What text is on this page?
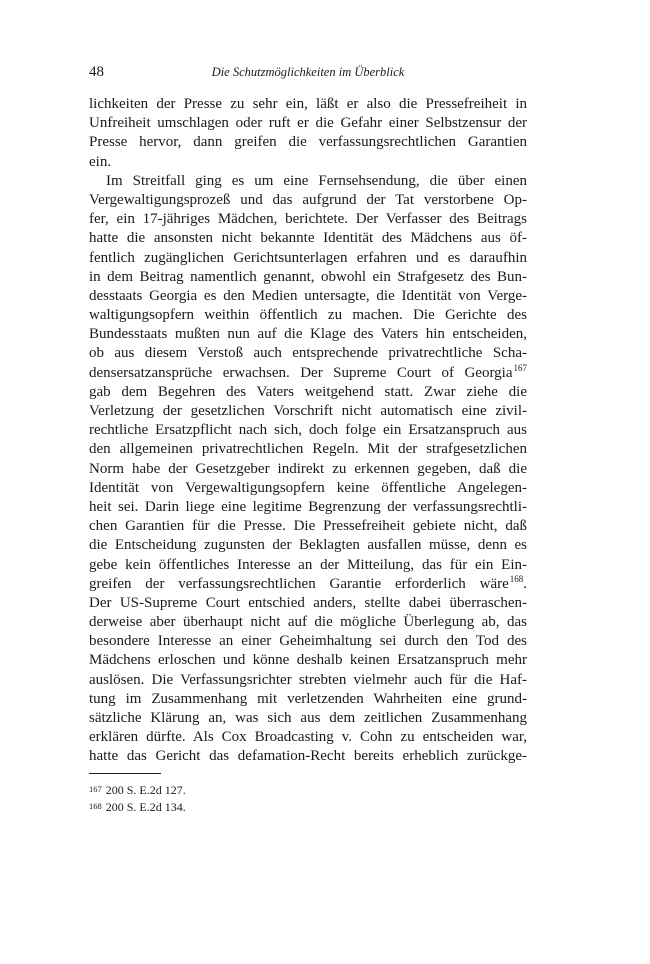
48	Die Schutzmöglichkeiten im Überblick
lichkeiten der Presse zu sehr ein, läßt er also die Pressefreiheit in
Unfreiheit umschlagen oder ruft er die Gefahr einer Selbstzensur der
Presse hervor, dann greifen die verfassungsrechtlichen Garantien
ein.
Im Streitfall ging es um eine Fernsehsendung, die über einen
Vergewaltigungsprozeß und das aufgrund der Tat verstorbene Op-
fer, ein 17-jähriges Mädchen, berichtete. Der Verfasser des Beitrags
hatte die ansonsten nicht bekannte Identität des Mädchens aus öf-
fentlich zugänglichen Gerichtsunterlagen erfahren und es daraufhin
in dem Beitrag namentlich genannt, obwohl ein Strafgesetz des Bun-
desstaats Georgia es den Medien untersagte, die Identität von Verge-
waltigungsopfern weithin öffentlich zu machen. Die Gerichte des
Bundesstaats mußten nun auf die Klage des Vaters hin entscheiden,
ob aus diesem Verstoß auch entsprechende privatrechtliche Scha-
densersatzansprüche erwachsen. Der Supreme Court of Georgia$^{167}$
gab dem Begehren des Vaters weitgehend statt. Zwar ziehe die
Verletzung der gesetzlichen Vorschrift nicht automatisch eine zivil-
rechtliche Ersatzpflicht nach sich, doch folge ein Ersatzanspruch aus
den allgemeinen privatrechtlichen Regeln. Mit der strafgesetzlichen
Norm habe der Gesetzgeber indirekt zu erkennen gegeben, daß die
Identität von Vergewaltigungsopfern keine öffentliche Angelegen-
heit sei. Darin liege eine legitime Begrenzung der verfassungsrechtli-
chen Garantien für die Presse. Die Pressefreiheit gebiete nicht, daß
die Entscheidung zugunsten der Beklagten ausfallen müsse, denn es
gebe kein öffentliches Interesse an der Mitteilung, das für ein Ein-
greifen der verfassungsrechtlichen Garantie erforderlich wäre$^{168}$.
Der US-Supreme Court entschied anders, stellte dabei überraschen-
derweise aber überhaupt nicht auf die mögliche Überlegung ab, das
besondere Interesse an einer Geheimhaltung sei durch den Tod des
Mädchens erloschen und könne deshalb keinen Ersatzanspruch mehr
auslösen. Die Verfassungsrichter strebten vielmehr auch für die Haf-
tung im Zusammenhang mit verletzenden Wahrheiten eine grund-
sätzliche Klärung an, was sich aus dem zeitlichen Zusammenhang
erklären dürfte. Als Cox Broadcasting v. Cohn zu entscheiden war,
hatte das Gericht das defamation-Recht bereits erheblich zurückge-
167 200 S. E.2d 127.
168 200 S. E.2d 134.
